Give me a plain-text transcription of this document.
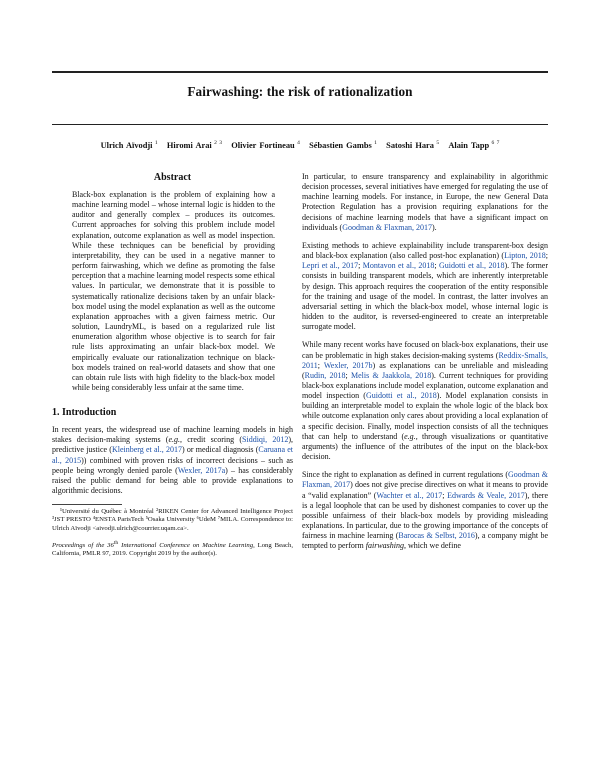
Fairwashing: the risk of rationalization
Ulrich Aïvodji $^1$ Hiromi Arai $^{2 3}$ Olivier Fortineau $^4$ Sébastien Gambs $^1$ Satoshi Hara $^5$ Alain Tapp $^{6 7}$
Abstract
Black-box explanation is the problem of explaining how a machine learning model – whose internal logic is hidden to the auditor and generally complex – produces its outcomes. Current approaches for solving this problem include model explanation, outcome explanation as well as model inspection. While these techniques can be beneficial by providing interpretability, they can be used in a negative manner to perform fairwashing, which we define as promoting the false perception that a machine learning model respects some ethical values. In particular, we demonstrate that it is possible to systematically rationalize decisions taken by an unfair black-box model using the model explanation as well as the outcome explanation approaches with a given fairness metric. Our solution, LaundryML, is based on a regularized rule list enumeration algorithm whose objective is to search for fair rule lists approximating an unfair black-box model. We empirically evaluate our rationalization technique on black-box models trained on real-world datasets and show that one can obtain rule lists with high fidelity to the black-box model while being considerably less unfair at the same time.
1. Introduction
In recent years, the widespread use of machine learning models in high stakes decision-making systems (e.g., credit scoring (Siddiqi, 2012), predictive justice (Kleinberg et al., 2017) or medical diagnosis (Caruana et al., 2015)) combined with proven risks of incorrect decisions – such as people being wrongly denied parole (Wexler, 2017a) – has considerably raised the public demand for being able to provide explanations to algorithmic decisions.
¹Université du Québec à Montréal ²RIKEN Center for Advanced Intelligence Project ³JST PRESTO ⁴ENSTA ParisTech ⁵Osaka University ⁶UdeM ⁷MILA. Correspondence to: Ulrich Aïvodji <aivodji.ulrich@courrier.uqam.ca>.
Proceedings of the 36th International Conference on Machine Learning, Long Beach, California, PMLR 97, 2019. Copyright 2019 by the author(s).
In particular, to ensure transparency and explainability in algorithmic decision processes, several initiatives have emerged for regulating the use of machine learning models. For instance, in Europe, the new General Data Protection Regulation has a provision requiring explanations for the decisions of machine learning models that have a significant impact on individuals (Goodman & Flaxman, 2017).
Existing methods to achieve explainability include transparent-box design and black-box explanation (also called post-hoc explanation) (Lipton, 2018; Lepri et al., 2017; Montavon et al., 2018; Guidotti et al., 2018). The former consists in building transparent models, which are inherently interpretable by design. This approach requires the cooperation of the entity responsible for the training and usage of the model. In contrast, the latter involves an adversarial setting in which the black-box model, whose internal logic is hidden to the auditor, is reversed-engineered to create an interpretable surrogate model.
While many recent works have focused on black-box explanations, their use can be problematic in high stakes decision-making systems (Reddix-Smalls, 2011; Wexler, 2017b) as explanations can be unreliable and misleading (Rudin, 2018; Melis & Jaakkola, 2018). Current techniques for providing black-box explanations include model explanation, outcome explanation and model inspection (Guidotti et al., 2018). Model explanation consists in building an interpretable model to explain the whole logic of the black box while outcome explanation only cares about providing a local explanation of a specific decision. Finally, model inspection consists of all the techniques that can help to understand (e.g., through visualizations or quantitative arguments) the influence of the attributes of the input on the black-box decision.
Since the right to explanation as defined in current regulations (Goodman & Flaxman, 2017) does not give precise directives on what it means to provide a “valid explanation” (Wachter et al., 2017; Edwards & Veale, 2017), there is a legal loophole that can be used by dishonest companies to cover up the possible unfairness of their black-box models by providing misleading explanations. In particular, due to the growing importance of the concepts of fairness in machine learning (Barocas & Selbst, 2016), a company might be tempted to perform fairwashing, which we define
